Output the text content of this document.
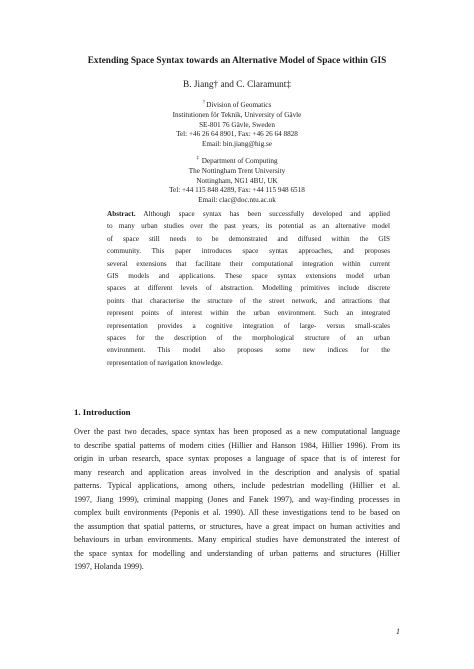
Extending Space Syntax towards an Alternative Model of Space within GIS
B. Jiang† and C. Claramunt‡
†Division of Geomatics
Institutionen för Teknik, University of Gävle
SE-801 76 Gävle, Sweden
Tel: +46 26 64 8901, Fax: +46 26 64 8828
Email: bin.jiang@hig.se
‡ Department of Computing
The Nottingham Trent University
Nottingham, NG1 4BU, UK
Tel: +44 115 848 4289, Fax: +44 115 948 6518
Email: clac@doc.ntu.ac.uk
Abstract. Although space syntax has been successfully developed and applied
to many urban studies over the past years, its potential as an alternative model
of space still needs to be demonstrated and diffused within the GIS
community. This paper introduces space syntax approaches, and proposes
several extensions that facilitate their computational integration within current
GIS models and applications. These space syntax extensions model urban
spaces at different levels of abstraction. Modelling primitives include discrete
points that characterise the structure of the street network, and attractions that
represent points of interest within the urban environment. Such an integrated
representation provides a cognitive integration of large- versus small-scales
spaces for the description of the morphological structure of an urban
environment. This model also proposes some new indices for the
representation of navigation knowledge.
1. Introduction
Over the past two decades, space syntax has been proposed as a new computational language
to describe spatial patterns of modern cities (Hillier and Hanson 1984, Hillier 1996). From its
origin in urban research, space syntax proposes a language of space that is of interest for
many research and application areas involved in the description and analysis of spatial
patterns. Typical applications, among others, include pedestrian modelling (Hillier et al.
1997, Jiang 1999), criminal mapping (Jones and Fanek 1997), and way-finding processes in
complex built environments (Peponis et al. 1990). All these investigations tend to be based on
the assumption that spatial patterns, or structures, have a great impact on human activities and
behaviours in urban environments. Many empirical studies have demonstrated the interest of
the space syntax for modelling and understanding of urban patterns and structures (Hillier
1997, Holanda 1999).
1
